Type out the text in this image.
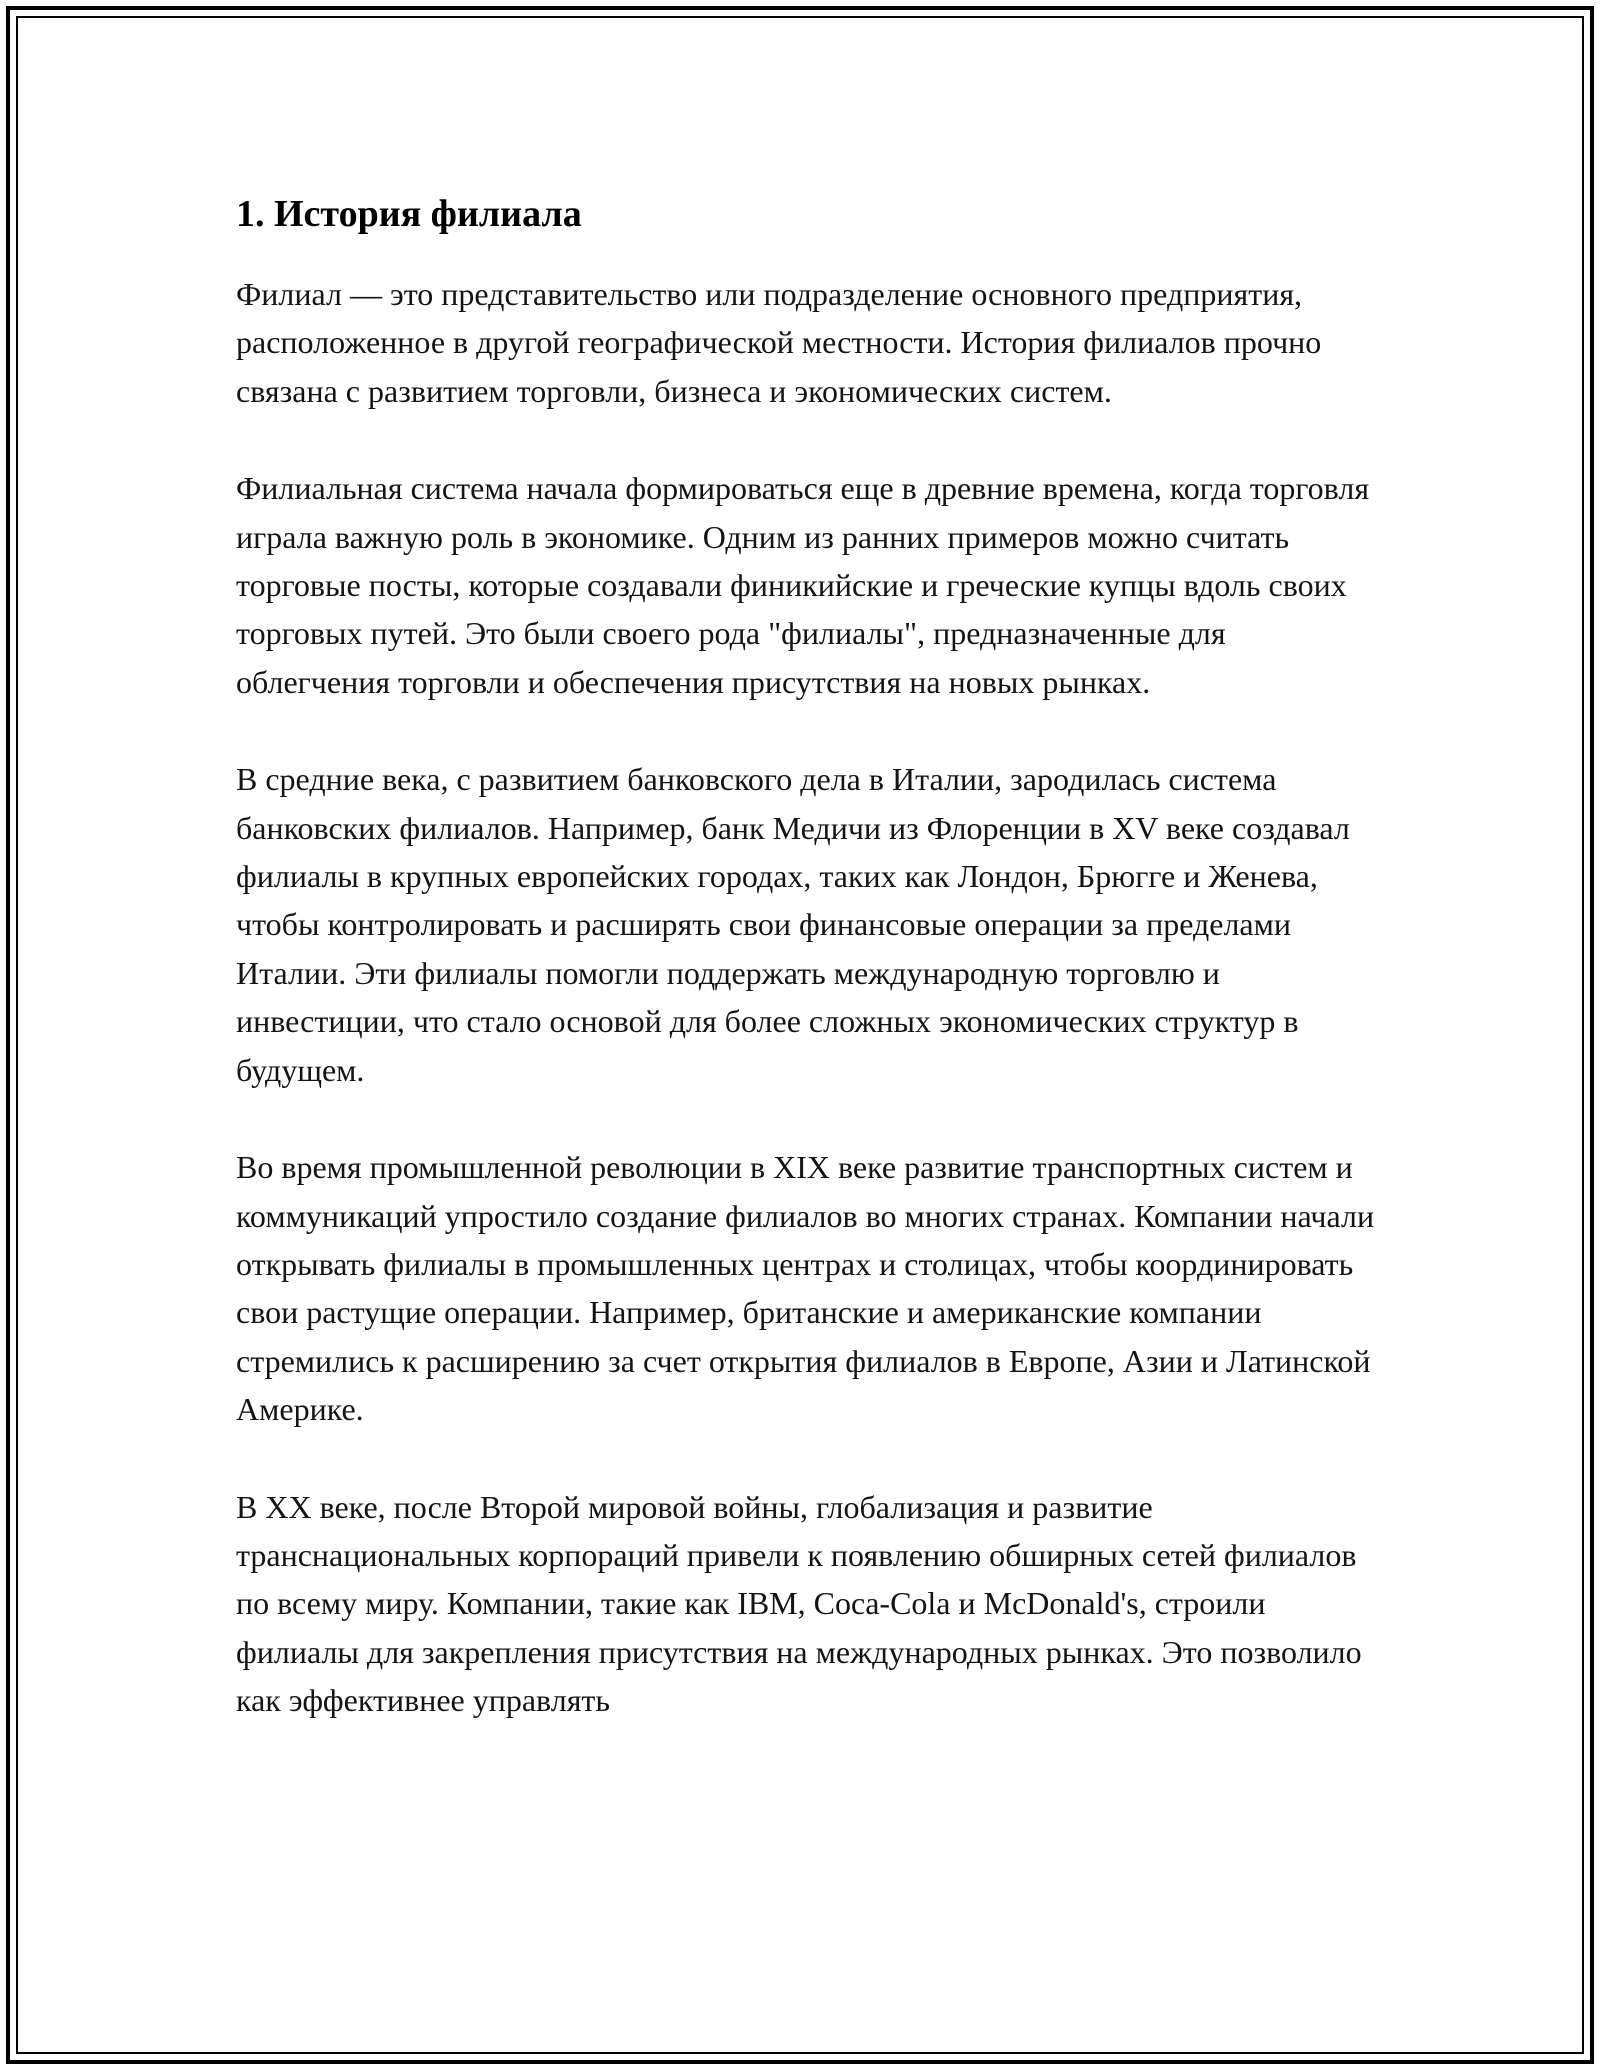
1. История филиала

Филиал — это представительство или подразделение основного предприятия, расположенное в другой географической местности. История филиалов прочно связана с развитием торговли, бизнеса и экономических систем.

Филиальная система начала формироваться еще в древние времена, когда торговля играла важную роль в экономике. Одним из ранних примеров можно считать торговые посты, которые создавали финикийские и греческие купцы вдоль своих торговых путей. Это были своего рода "филиалы", предназначенные для облегчения торговли и обеспечения присутствия на новых рынках.

В средние века, с развитием банковского дела в Италии, зародилась система банковских филиалов. Например, банк Медичи из Флоренции в XV веке создавал филиалы в крупных европейских городах, таких как Лондон, Брюгге и Женева, чтобы контролировать и расширять свои финансовые операции за пределами Италии. Эти филиалы помогли поддержать международную торговлю и инвестиции, что стало основой для более сложных экономических структур в будущем.

Во время промышленной революции в XIX веке развитие транспортных систем и коммуникаций упростило создание филиалов во многих странах. Компании начали открывать филиалы в промышленных центрах и столицах, чтобы координировать свои растущие операции. Например, британские и американские компании стремились к расширению за счет открытия филиалов в Европе, Азии и Латинской Америке.

В XX веке, после Второй мировой войны, глобализация и развитие транснациональных корпораций привели к появлению обширных сетей филиалов по всему миру. Компании, такие как IBM, Coca-Cola и McDonald's, строили филиалы для закрепления присутствия на международных рынках. Это позволило как эффективнее управлять
